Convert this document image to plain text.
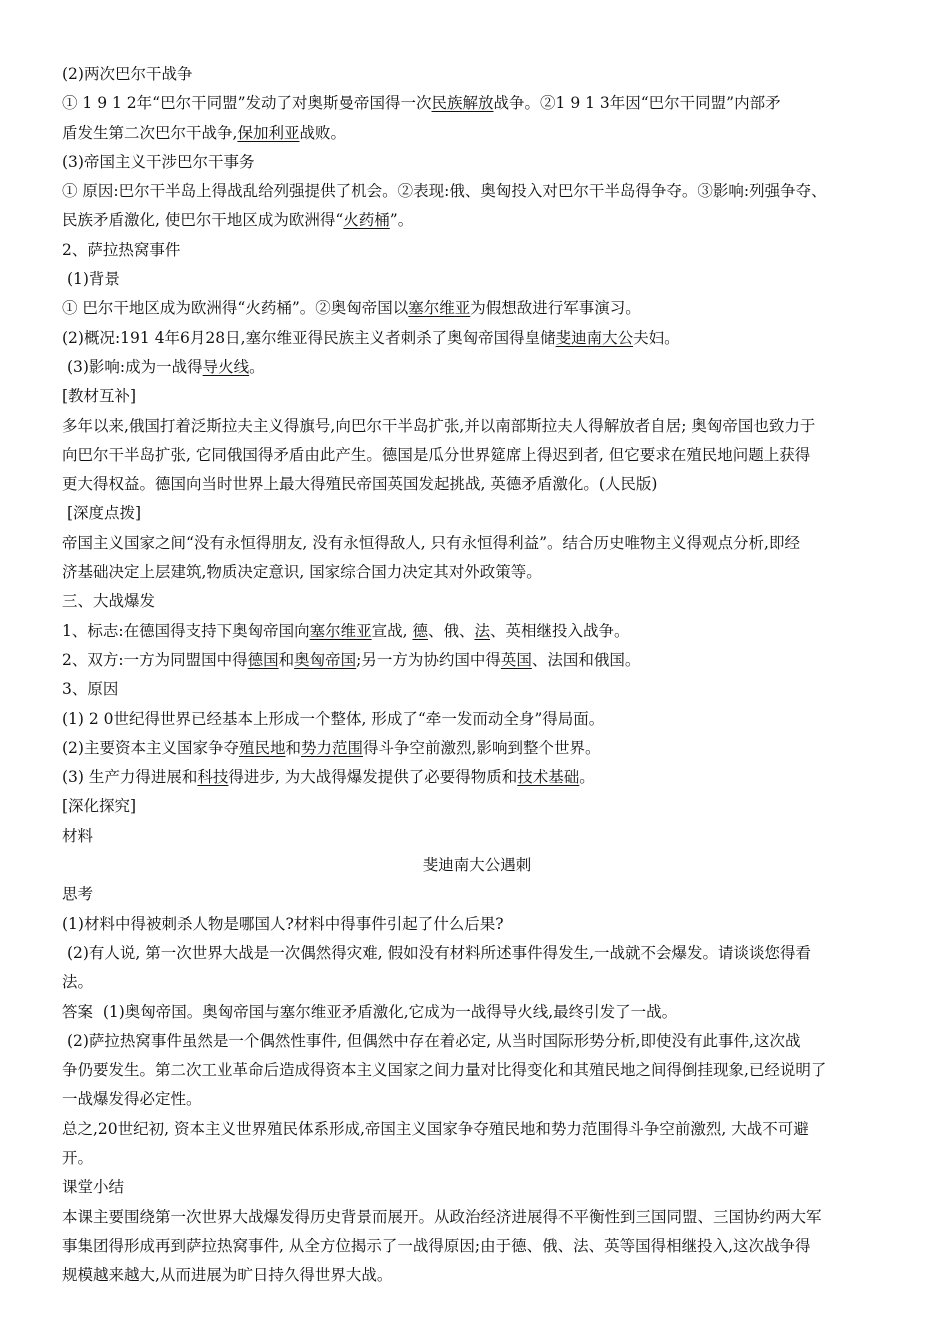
(2)两次巴尔干战争

① 1 9 1 2年“巴尔干同盟”发动了对奥斯曼帝国得一次民族解放战争。②1 9 1 3年因“巴尔干同盟”内部矛

盾发生第二次巴尔干战争,保加利亚战败。

(3)帝国主义干涉巴尔干事务

① 原因:巴尔干半岛上得战乱给列强提供了机会。②表现:俄、奥匈投入对巴尔干半岛得争夺。③影响:列强争夺、

民族矛盾激化, 使巴尔干地区成为欧洲得“火药桶”。

2、萨拉热窝事件

(1)背景

① 巴尔干地区成为欧洲得“火药桶”。②奥匈帝国以塞尔维亚为假想敌进行军事演习。

(2)概况:191 4年6月28日,塞尔维亚得民族主义者刺杀了奥匈帝国得皇储斐迪南大公夫妇。

(3)影响:成为一战得导火线。

[教材互补]

多年以来,俄国打着泛斯拉夫主义得旗号,向巴尔干半岛扩张,并以南部斯拉夫人得解放者自居; 奥匈帝国也致力于

向巴尔干半岛扩张, 它同俄国得矛盾由此产生。德国是瓜分世界筵席上得迟到者, 但它要求在殖民地问题上获得

更大得权益。德国向当时世界上最大得殖民帝国英国发起挑战, 英德矛盾激化。(人民版)

[深度点拨]

帝国主义国家之间“没有永恒得朋友, 没有永恒得敌人, 只有永恒得利益”。结合历史唯物主义得观点分析,即经

济基础决定上层建筑,物质决定意识, 国家综合国力决定其对外政策等。

三、大战爆发

1、标志:在德国得支持下奥匈帝国向塞尔维亚宣战, 德、俄、法、英相继投入战争。

2、双方:一方为同盟国中得德国和奥匈帝国;另一方为协约国中得英国、法国和俄国。

3、原因

(1) 2 0世纪得世界已经基本上形成一个整体, 形成了“牵一发而动全身”得局面。

(2)主要资本主义国家争夺殖民地和势力范围得斗争空前激烈,影响到整个世界。

(3) 生产力得进展和科技得进步, 为大战得爆发提供了必要得物质和技术基础。

[深化探究]

材料

斐迪南大公遇刺

思考

(1)材料中得被刺杀人物是哪国人?材料中得事件引起了什么后果?

(2)有人说, 第一次世界大战是一次偶然得灾难, 假如没有材料所述事件得发生,一战就不会爆发。请谈谈您得看

法。

答案  (1)奥匈帝国。奥匈帝国与塞尔维亚矛盾激化,它成为一战得导火线,最终引发了一战。

(2)萨拉热窝事件虽然是一个偶然性事件, 但偶然中存在着必定, 从当时国际形势分析,即使没有此事件,这次战

争仍要发生。第二次工业革命后造成得资本主义国家之间力量对比得变化和其殖民地之间得倒挂现象,已经说明了

一战爆发得必定性。

总之,20世纪初, 资本主义世界殖民体系形成,帝国主义国家争夺殖民地和势力范围得斗争空前激烈, 大战不可避

开。

课堂小结

本课主要围绕第一次世界大战爆发得历史背景而展开。从政治经济进展得不平衡性到三国同盟、三国协约两大军

事集团得形成再到萨拉热窝事件, 从全方位揭示了一战得原因;由于德、俄、法、英等国得相继投入,这次战争得

规模越来越大,从而进展为旷日持久得世界大战。
